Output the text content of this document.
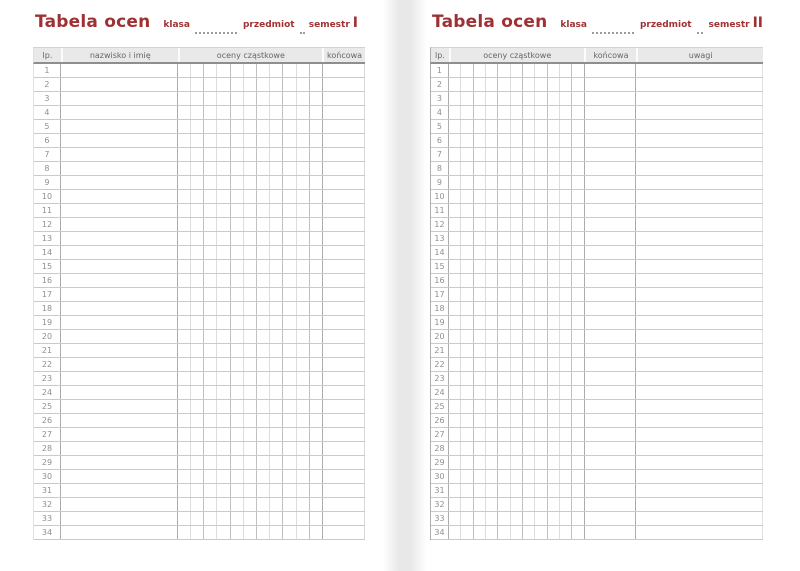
Tabela ocen klasa	przedmiot semestr I
lp.	nazwisko i imię	oceny cząstkowe	końcowa
1
2
3
4
5
6
7
8
9
10
11
12
13
14
15
16
17
18
19
20
21
22
23
24
25
26
27
28
29
30
31
32
33
34
Tabela ocen klasa	przedmiot semestr II
lp.	oceny cząstkowe	końcowa	uwagi
1
2
3
4
5
6
7
8
9
10
11
12
13
14
15
16
17
18
19
20
21
22
23
24
25
26
27
28
29
30
31
32
33
34
